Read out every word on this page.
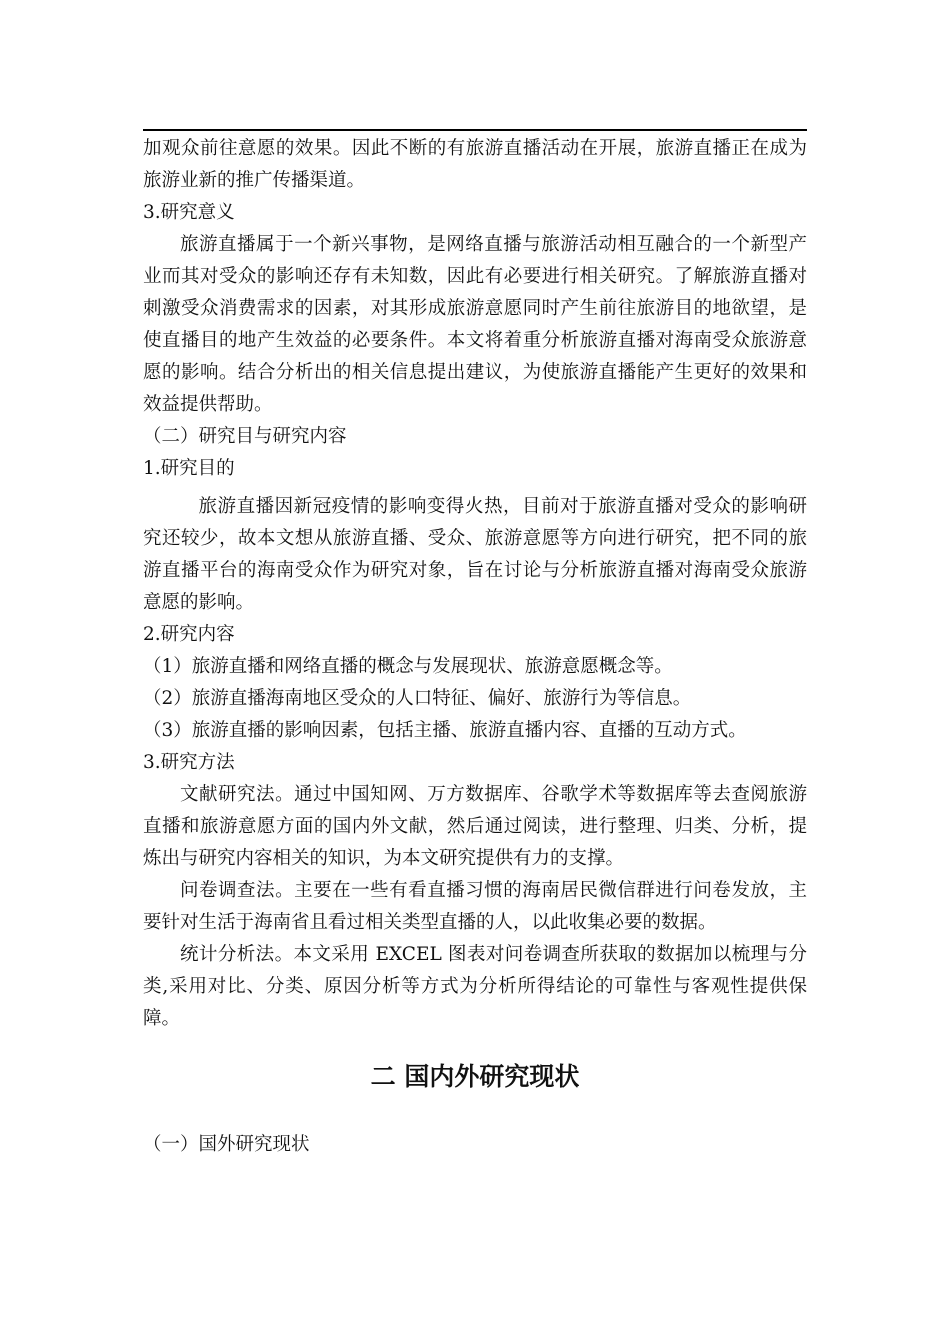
加观众前往意愿的效果。因此不断的有旅游直播活动在开展，旅游直播正在成为旅游业新的推广传播渠道。

3.研究意义

旅游直播属于一个新兴事物，是网络直播与旅游活动相互融合的一个新型产业而其对受众的影响还存有未知数，因此有必要进行相关研究。了解旅游直播对刺激受众消费需求的因素，对其形成旅游意愿同时产生前往旅游目的地欲望，是使直播目的地产生效益的必要条件。本文将着重分析旅游直播对海南受众旅游意愿的影响。结合分析出的相关信息提出建议，为使旅游直播能产生更好的效果和效益提供帮助。

（二）研究目与研究内容
1.研究目的

旅游直播因新冠疫情的影响变得火热，目前对于旅游直播对受众的影响研究还较少，故本文想从旅游直播、受众、旅游意愿等方向进行研究，把不同的旅游直播平台的海南受众作为研究对象，旨在讨论与分析旅游直播对海南受众旅游意愿的影响。

2.研究内容
（1）旅游直播和网络直播的概念与发展现状、旅游意愿概念等。
（2）旅游直播海南地区受众的人口特征、偏好、旅游行为等信息。
（3）旅游直播的影响因素，包括主播、旅游直播内容、直播的互动方式。
3.研究方法

文献研究法。通过中国知网、万方数据库、谷歌学术等数据库等去查阅旅游直播和旅游意愿方面的国内外文献，然后通过阅读，进行整理、归类、分析，提炼出与研究内容相关的知识，为本文研究提供有力的支撑。

问卷调查法。主要在一些有看直播习惯的海南居民微信群进行问卷发放，主要针对生活于海南省且看过相关类型直播的人，以此收集必要的数据。

统计分析法。本文采用 EXCEL 图表对问卷调查所获取的数据加以梳理与分类,采用对比、分类、原因分析等方式为分析所得结论的可靠性与客观性提供保障。

二 国内外研究现状
（一）国外研究现状
